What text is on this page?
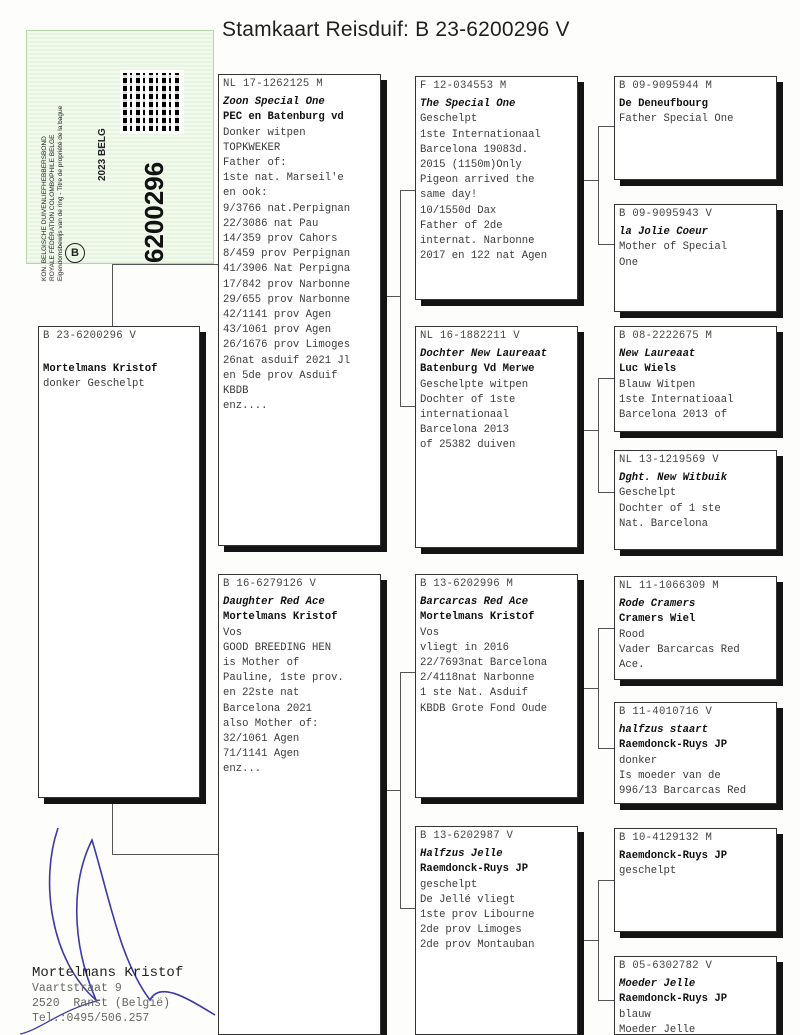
Stamkaart Reisduif: B 23-6200296 V
KON. BELGISCHE DUIVENLIEFHEBBERSBOND ROYALE FÉDÉRATION COLOMBOPHILE BELGE Eigendomsbewijs van de ring - Titre de propriété de la bague	2023 BELG
B 6200296
B 23-6200296 V
Mortelmans Kristof
donker Geschelpt
NL 17-1262125 M
Zoon Special One
PEC en Batenburg vd
Donker witpen
TOPKWEKER
Father of:
1ste nat. Marseil'e
en ook:
9/3766 nat.Perpignan
22/3086 nat Pau
14/359 prov Cahors
8/459 prov Perpignan
41/3906 Nat Perpigna
17/842 prov Narbonne
29/655 prov Narbonne
42/1141 prov Agen
43/1061 prov Agen
26/1676 prov Limoges
26nat asduif 2021 Jl
en 5de prov Asduif
KBDB
enz....
B 16-6279126 V
Daughter Red Ace
Mortelmans Kristof
Vos
GOOD BREEDING HEN
is Mother of
Pauline, 1ste prov.
en 22ste nat
Barcelona 2021
also Mother of:
32/1061 Agen
71/1141 Agen
enz...
F 12-034553 M
The Special One
Geschelpt
1ste Internationaal
Barcelona 19083d.
2015 (1150m)Only
Pigeon arrived the
same day!
10/1550d Dax
Father of 2de
internat. Narbonne
2017 en 122 nat Agen
NL 16-1882211 V
Dochter New Laureaat
Batenburg Vd Merwe
Geschelpte witpen
Dochter of 1ste
internationaal
Barcelona 2013
of 25382 duiven
B 13-6202996 M
Barcarcas Red Ace
Mortelmans Kristof
Vos
vliegt in 2016
22/7693nat Barcelona
2/4118nat Narbonne
1 ste Nat. Asduif
KBDB Grote Fond Oude
B 13-6202987 V
Halfzus Jelle
Raemdonck-Ruys JP
geschelpt
De Jellé vliegt
1ste prov Libourne
2de prov Limoges
2de prov Montauban
B 09-9095944 M
De Deneufbourg
Father Special One
B 09-9095943 V
la Jolie Coeur
Mother of Special
One
B 08-2222675 M
New Laureaat
Luc Wiels
Blauw Witpen
1ste Internatioaal
Barcelona 2013 of
NL 13-1219569 V
Dght. New Witbuik
Geschelpt
Dochter of 1 ste
Nat. Barcelona
NL 11-1066309 M
Rode Cramers
Cramers Wiel
Rood
Vader Barcarcas Red
Ace.
B 11-4010716 V
halfzus staart
Raemdonck-Ruys JP
donker
Is moeder van de
996/13 Barcarcas Red
B 10-4129132 M
Raemdonck-Ruys JP
geschelpt
B 05-6302782 V
Moeder Jelle
Raemdonck-Ruys JP
blauw
Moeder Jelle
Mortelmans Kristof
Vaartstraat 9
2520  Ranst (België)
Tel.:0495/506.257
